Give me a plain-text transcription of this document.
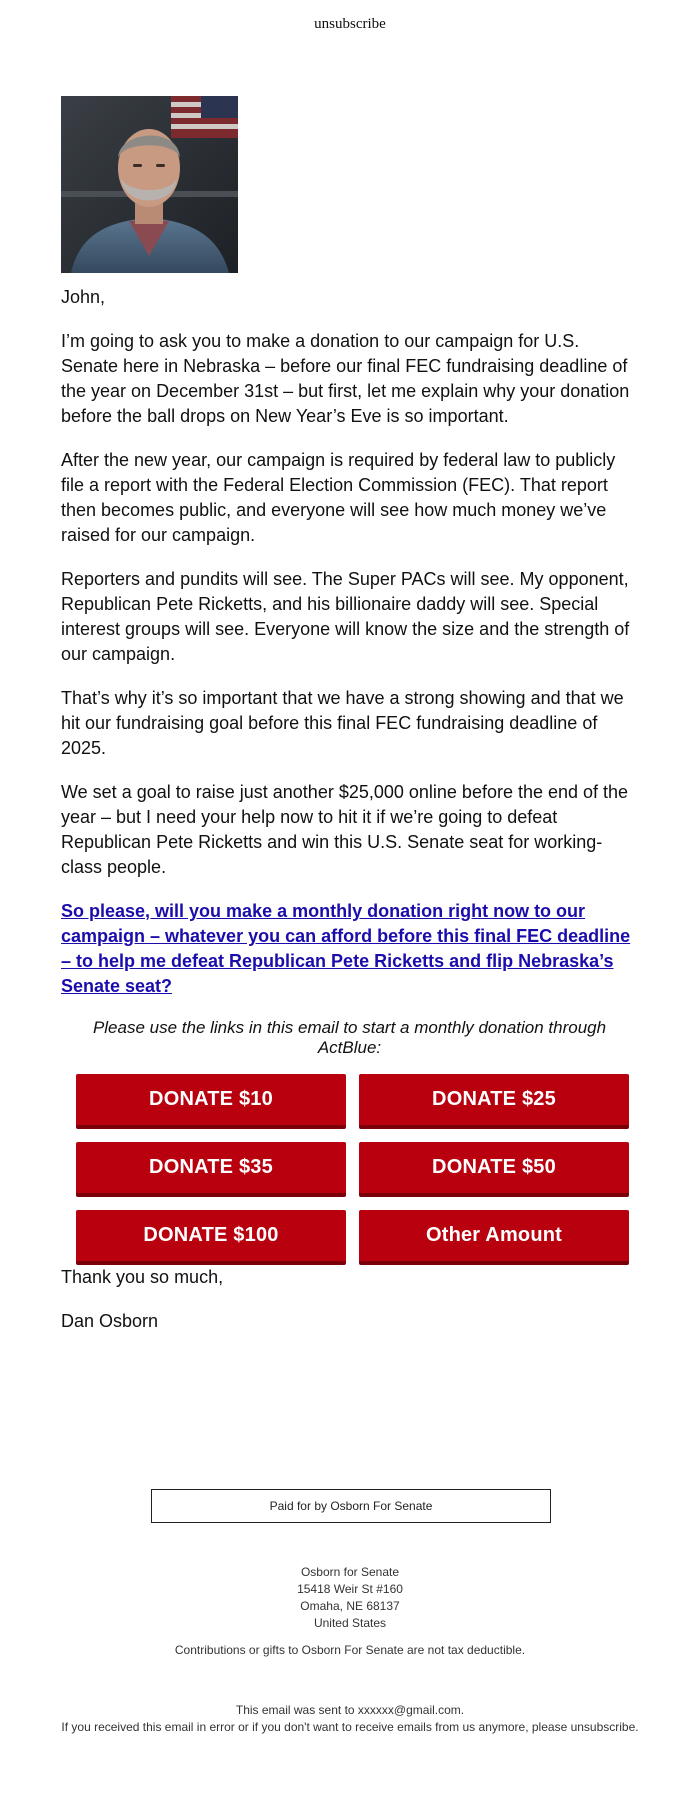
unsubscribe

John,

I’m going to ask you to make a donation to our campaign for U.S. Senate here in Nebraska – before our final FEC fundraising deadline of the year on December 31st – but first, let me explain why your donation before the ball drops on New Year’s Eve is so important.

After the new year, our campaign is required by federal law to publicly file a report with the Federal Election Commission (FEC). That report then becomes public, and everyone will see how much money we’ve raised for our campaign.

Reporters and pundits will see. The Super PACs will see. My opponent, Republican Pete Ricketts, and his billionaire daddy will see. Special interest groups will see. Everyone will know the size and the strength of our campaign.

That’s why it’s so important that we have a strong showing and that we hit our fundraising goal before this final FEC fundraising deadline of 2025.

We set a goal to raise just another $25,000 online before the end of the year – but I need your help now to hit it if we’re going to defeat Republican Pete Ricketts and win this U.S. Senate seat for working-class people.

So please, will you make a monthly donation right now to our campaign – whatever you can afford before this final FEC deadline – to help me defeat Republican Pete Ricketts and flip Nebraska’s Senate seat?
Please use the links in this email to start a monthly donation through ActBlue:
DONATE $10	DONATE $25
DONATE $35	DONATE $50
DONATE $100	Other Amount

Thank you so much,

Dan Osborn

Paid for by Osborn For Senate
Osborn for Senate
15418 Weir St #160
Omaha, NE 68137
United States
Contributions or gifts to Osborn For Senate are not tax deductible.
This email was sent to xxxxxx@gmail.com.
If you received this email in error or if you don't want to receive emails from us anymore, please unsubscribe.
